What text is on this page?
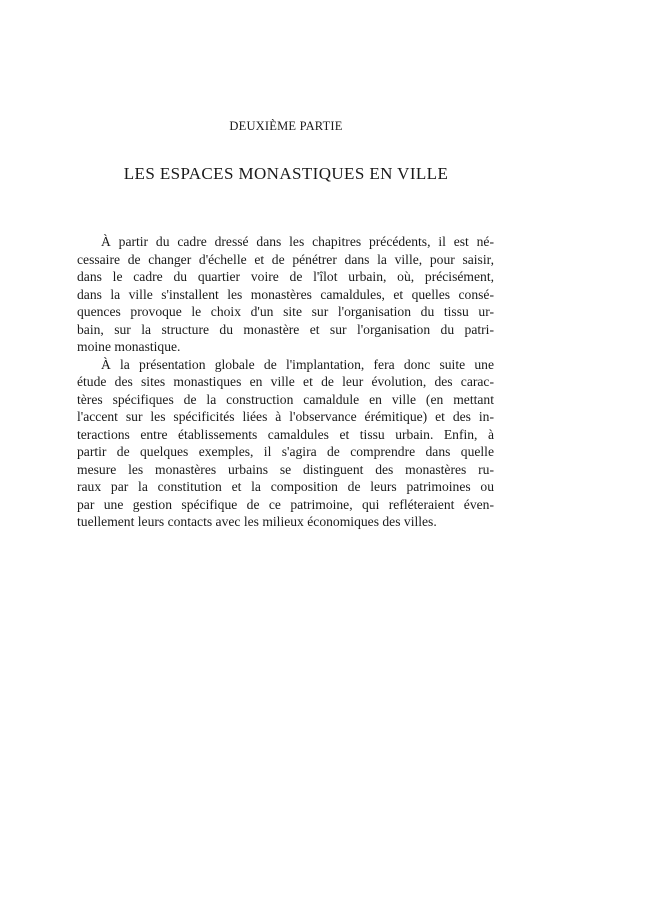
DEUXIÈME PARTIE
LES ESPACES MONASTIQUES EN VILLE
À partir du cadre dressé dans les chapitres précédents, il est né-
cessaire de changer d'échelle et de pénétrer dans la ville, pour saisir,
dans le cadre du quartier voire de l'îlot urbain, où, précisément,
dans la ville s'installent les monastères camaldules, et quelles consé-
quences provoque le choix d'un site sur l'organisation du tissu ur-
bain, sur la structure du monastère et sur l'organisation du patri-
moine monastique.
À la présentation globale de l'implantation, fera donc suite une
étude des sites monastiques en ville et de leur évolution, des carac-
tères spécifiques de la construction camaldule en ville (en mettant
l'accent sur les spécificités liées à l'observance érémitique) et des in-
teractions entre établissements camaldules et tissu urbain. Enfin, à
partir de quelques exemples, il s'agira de comprendre dans quelle
mesure les monastères urbains se distinguent des monastères ru-
raux par la constitution et la composition de leurs patrimoines ou
par une gestion spécifique de ce patrimoine, qui refléteraient éven-
tuellement leurs contacts avec les milieux économiques des villes.
